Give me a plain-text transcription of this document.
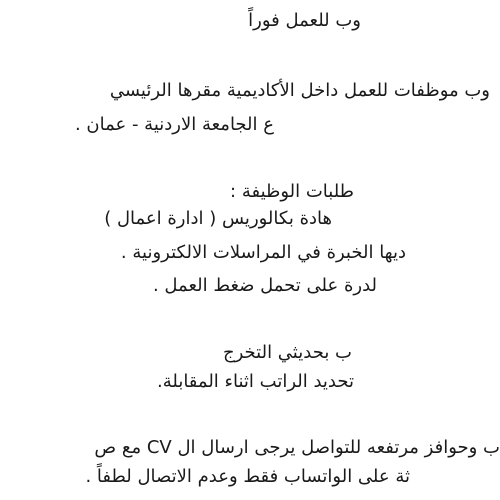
وب للعمل فوراً
وب موظفات للعمل داخل الأكاديمية مقرها الرئيسي
ع الجامعة الاردنية - عمان .
طلبات الوظيفة :
هادة بكالوريس ( ادارة اعمال )
ديها الخبرة في المراسلات الالكترونية .
لدرة على تحمل ضغط العمل .
ب بحديثي التخرج
تحديد الراتب اثناء المقابلة.
ب وحوافز مرتفعه للتواصل يرجى ارسال ال CV مع ص
ثة على الواتساب فقط وعدم الاتصال لطفاً .
